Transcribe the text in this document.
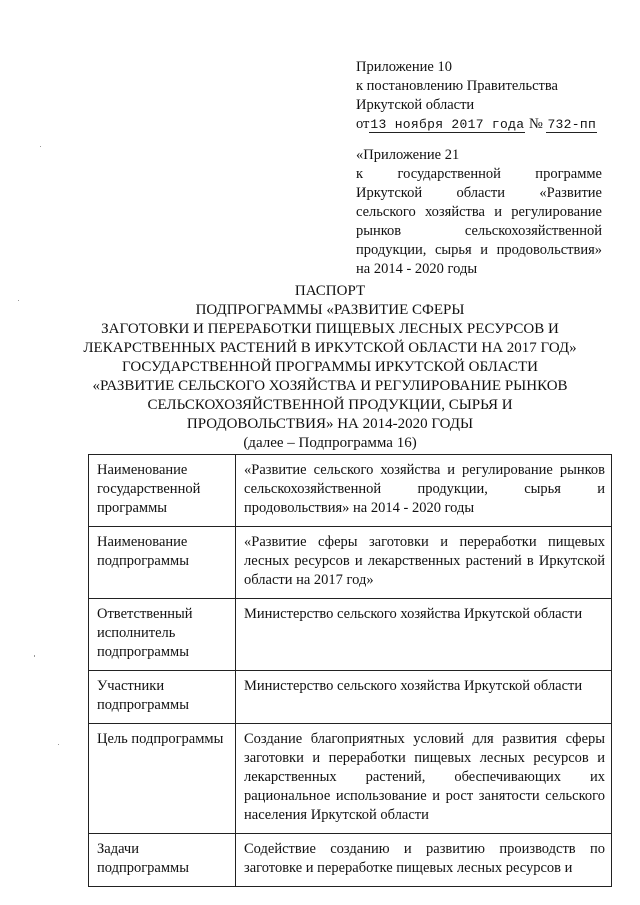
Приложение 10
к постановлению Правительства
Иркутской области
от13 ноября 2017 года № 732-пп
«Приложение 21
к государственной программе
Иркутской области «Развитие
сельского хозяйства и регулирование
рынков сельскохозяйственной
продукции, сырья и продовольствия»
на 2014 - 2020 годы
ПАСПОРТ
ПОДПРОГРАММЫ «РАЗВИТИЕ СФЕРЫ
ЗАГОТОВКИ И ПЕРЕРАБОТКИ ПИЩЕВЫХ ЛЕСНЫХ РЕСУРСОВ И
ЛЕКАРСТВЕННЫХ РАСТЕНИЙ В ИРКУТСКОЙ ОБЛАСТИ НА 2017 ГОД»
ГОСУДАРСТВЕННОЙ ПРОГРАММЫ ИРКУТСКОЙ ОБЛАСТИ
«РАЗВИТИЕ СЕЛЬСКОГО ХОЗЯЙСТВА И РЕГУЛИРОВАНИЕ РЫНКОВ
СЕЛЬСКОХОЗЯЙСТВЕННОЙ ПРОДУКЦИИ, СЫРЬЯ И
ПРОДОВОЛЬСТВИЯ» НА 2014-2020 ГОДЫ
(далее – Подпрограмма 16)
Наименование государственной программы	«Развитие сельского хозяйства и регулирование рынков сельскохозяйственной продукции, сырья и продовольствия» на 2014 - 2020 годы
Наименование подпрограммы	«Развитие сферы заготовки и переработки пищевых лесных ресурсов и лекарственных растений в Иркутской области на 2017 год»
Ответственный исполнитель подпрограммы	Министерство сельского хозяйства Иркутской области
Участники подпрограммы	Министерство сельского хозяйства Иркутской области
Цель подпрограммы	Создание благоприятных условий для развития сферы заготовки и переработки пищевых лесных ресурсов и лекарственных растений, обеспечивающих их рациональное использование и рост занятости сельского населения Иркутской области
Задачи подпрограммы	Содействие созданию и развитию производств по заготовке и переработке пищевых лесных ресурсов и
